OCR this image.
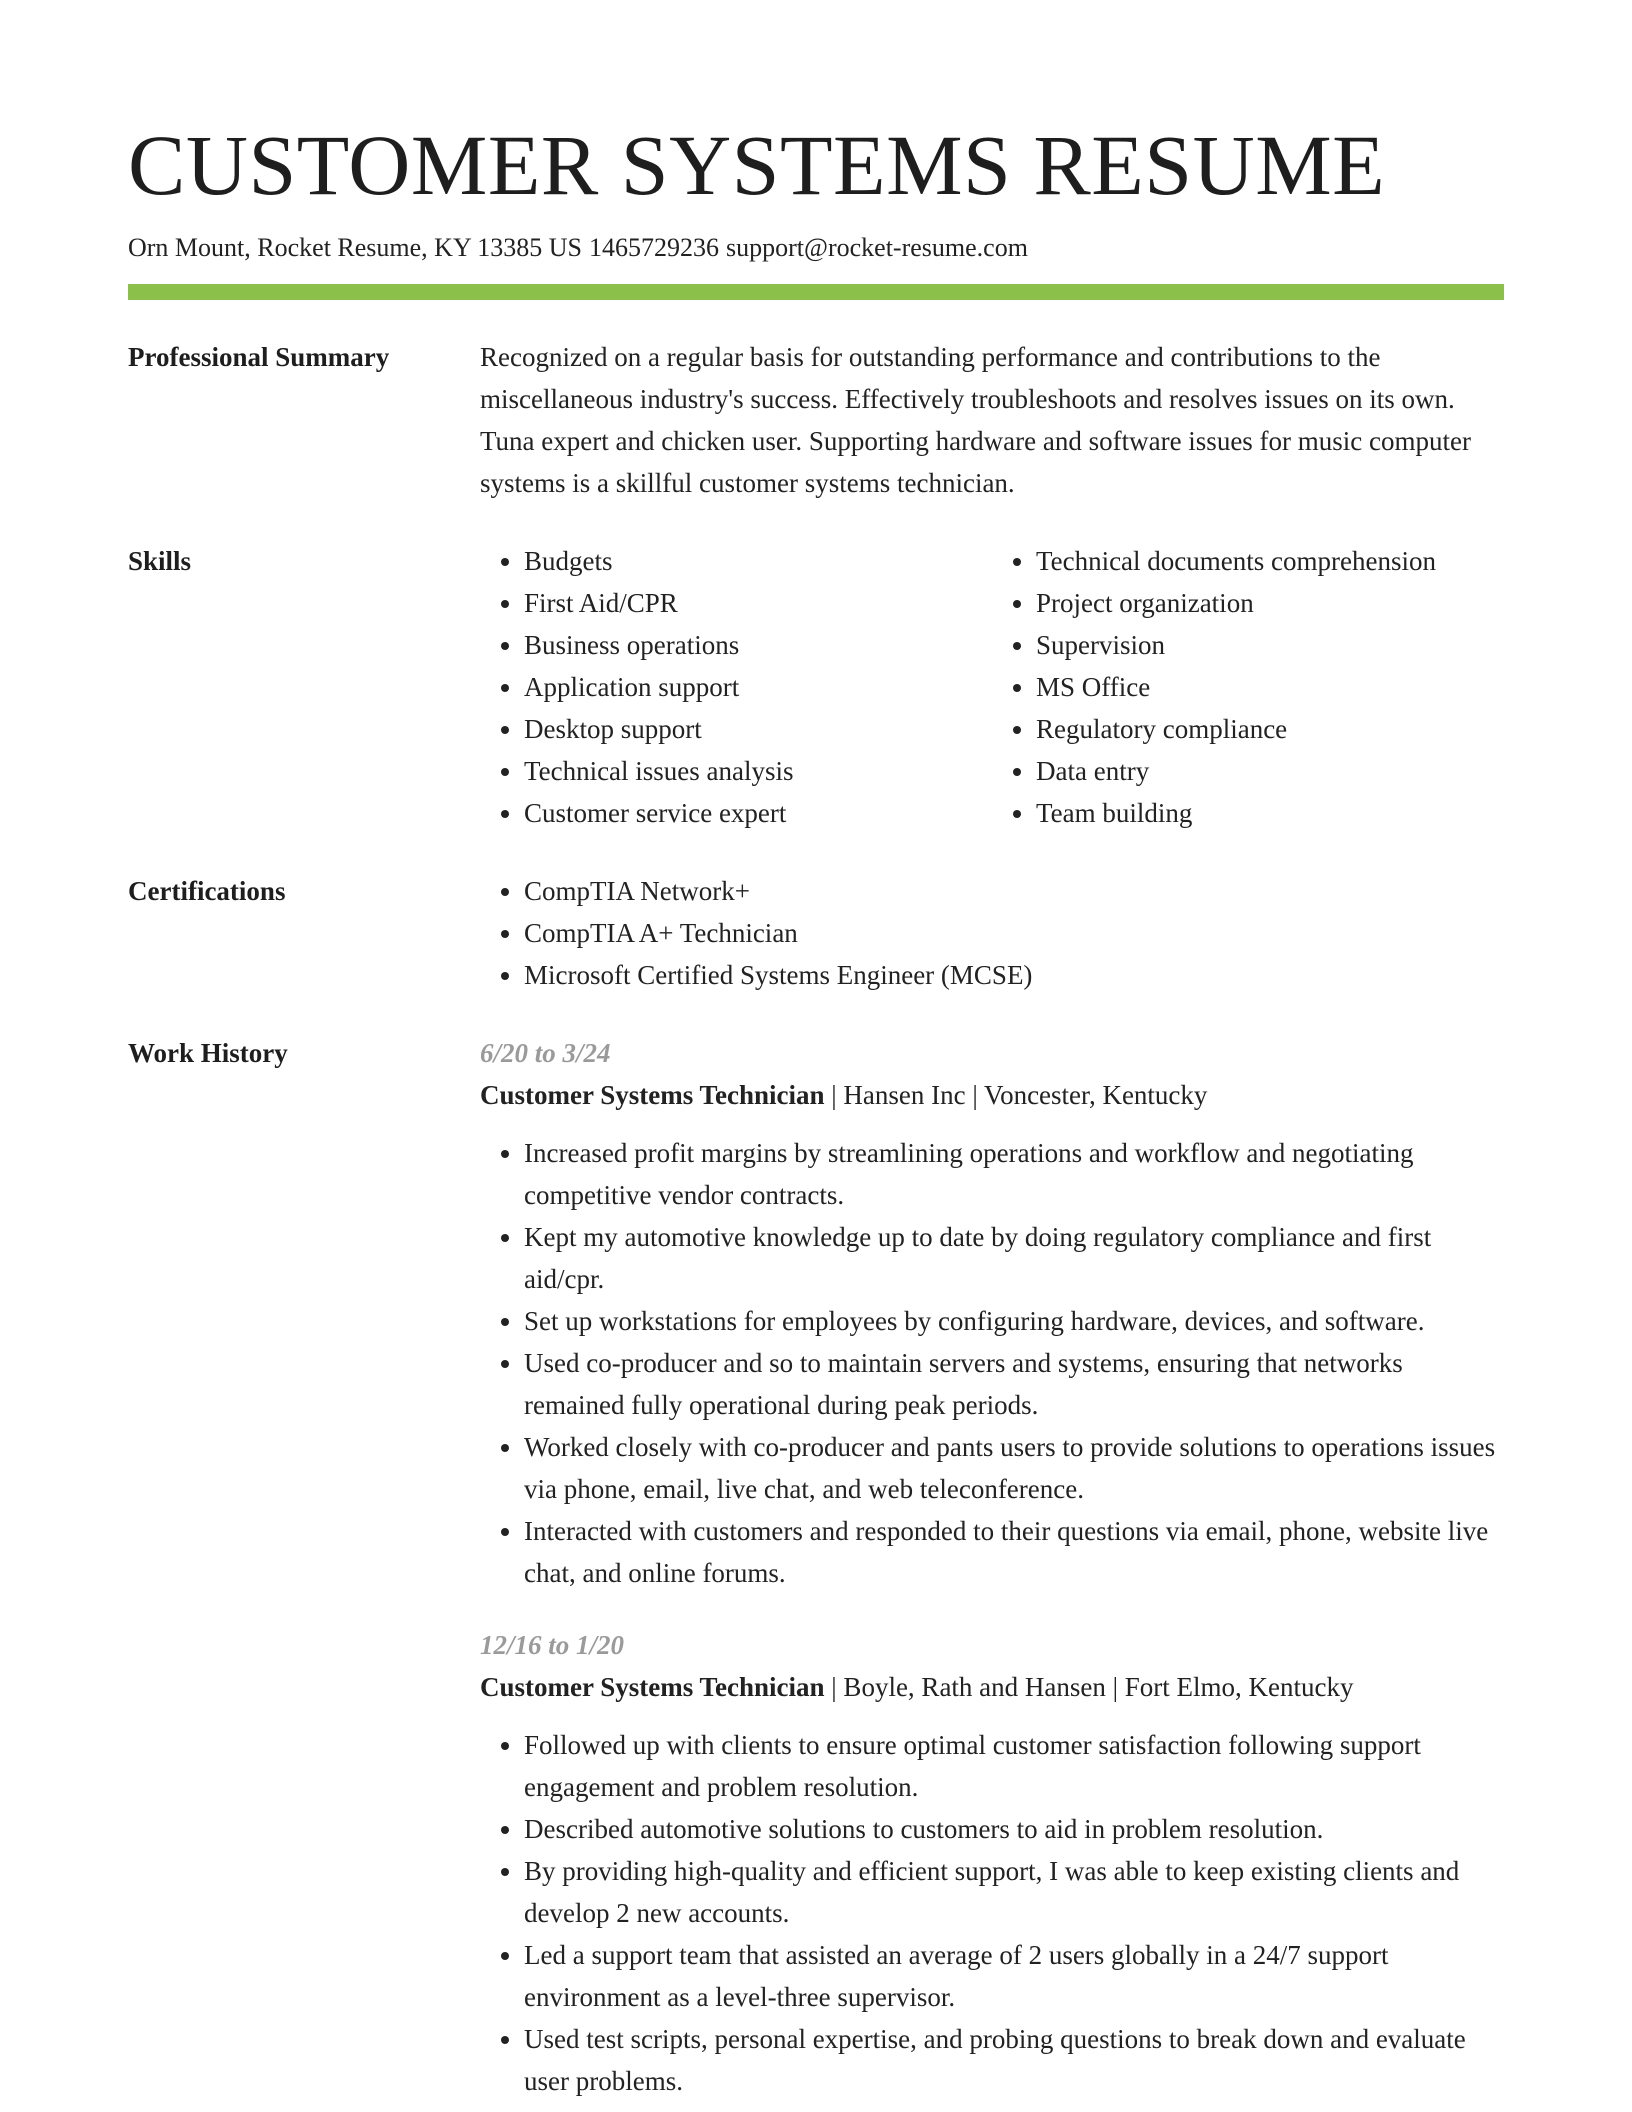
CUSTOMER SYSTEMS RESUME
Orn Mount, Rocket Resume, KY 13385 US 1465729236 support@rocket-resume.com
Professional Summary	Recognized on a regular basis for outstanding performance and contributions to the miscellaneous industry's success. Effectively troubleshoots and resolves issues on its own. Tuna expert and chicken user. Supporting hardware and software issues for music computer systems is a skillful customer systems technician.

Skills	• Budgets
• First Aid/CPR
• Business operations
• Application support
• Desktop support
• Technical issues analysis
• Customer service expert
• Technical documents comprehension
• Project organization
• Supervision
• MS Office
• Regulatory compliance
• Data entry
• Team building
Certifications	• CompTIA Network+
• CompTIA A+ Technician
• Microsoft Certified Systems Engineer (MCSE)
Work History	6/20 to 3/24
Customer Systems Technician | Hansen Inc | Voncester, Kentucky
• Increased profit margins by streamlining operations and workflow and negotiating competitive vendor contracts.
• Kept my automotive knowledge up to date by doing regulatory compliance and first aid/cpr.
• Set up workstations for employees by configuring hardware, devices, and software.
• Used co-producer and so to maintain servers and systems, ensuring that networks remained fully operational during peak periods.
• Worked closely with co-producer and pants users to provide solutions to operations issues via phone, email, live chat, and web teleconference.
• Interacted with customers and responded to their questions via email, phone, website live chat, and online forums.
12/16 to 1/20
Customer Systems Technician | Boyle, Rath and Hansen | Fort Elmo, Kentucky
• Followed up with clients to ensure optimal customer satisfaction following support engagement and problem resolution.
• Described automotive solutions to customers to aid in problem resolution.
• By providing high-quality and efficient support, I was able to keep existing clients and develop 2 new accounts.
• Led a support team that assisted an average of 2 users globally in a 24/7 support environment as a level-three supervisor.
• Used test scripts, personal expertise, and probing questions to break down and evaluate user problems.
